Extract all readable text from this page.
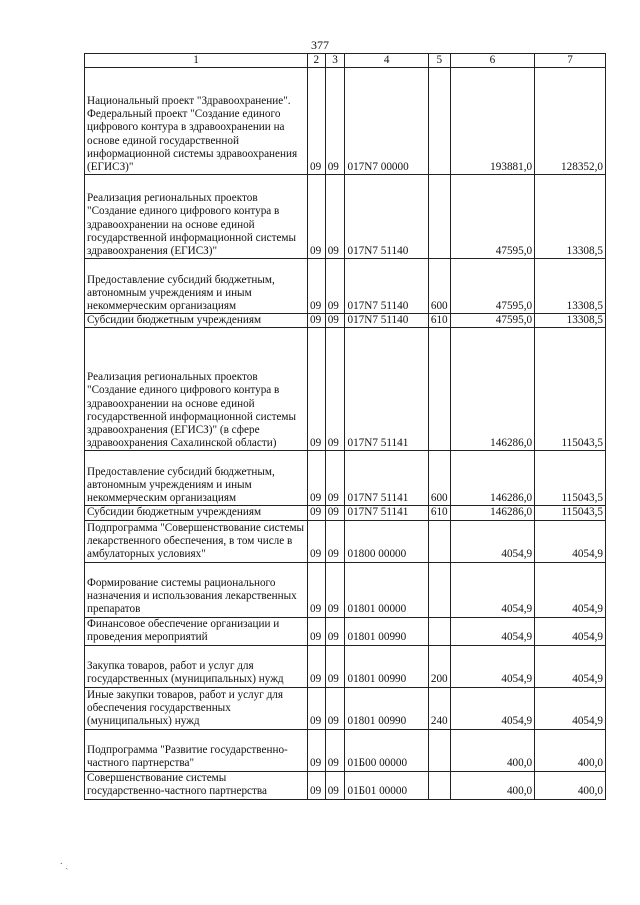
377
1	2	3	4	5	6	7
Национальный проект "Здравоохранение". Федеральный проект "Создание единого цифрового контура в здравоохранении на основе единой государственной информационной системы здравоохранения (ЕГИСЗ)"	09	09	017N7 00000		193881,0	128352,0
Реализация региональных проектов "Создание единого цифрового контура в здравоохранении на основе единой государственной информационной системы здравоохранения (ЕГИСЗ)"	09	09	017N7 51140		47595,0	13308,5
Предоставление субсидий бюджетным, автономным учреждениям и иным некоммерческим организациям	09	09	017N7 51140	600	47595,0	13308,5
Субсидии бюджетным учреждениям	09	09	017N7 51140	610	47595,0	13308,5
Реализация региональных проектов "Создание единого цифрового контура в здравоохранении на основе единой государственной информационной системы здравоохранения (ЕГИСЗ)" (в сфере здравоохранения Сахалинской области)	09	09	017N7 51141		146286,0	115043,5
Предоставление субсидий бюджетным, автономным учреждениям и иным некоммерческим организациям	09	09	017N7 51141	600	146286,0	115043,5
Субсидии бюджетным учреждениям	09	09	017N7 51141	610	146286,0	115043,5
Подпрограмма "Совершенствование системы лекарственного обеспечения, в том числе в амбулаторных условиях"	09	09	01800 00000		4054,9	4054,9
Формирование системы рационального назначения и использования лекарственных препаратов	09	09	01801 00000		4054,9	4054,9
Финансовое обеспечение организации и проведения мероприятий	09	09	01801 00990		4054,9	4054,9
Закупка товаров, работ и услуг для государственных (муниципальных) нужд	09	09	01801 00990	200	4054,9	4054,9
Иные закупки товаров, работ и услуг для обеспечения государственных (муниципальных) нужд	09	09	01801 00990	240	4054,9	4054,9
Подпрограмма "Развитие государственно-частного партнерства"	09	09	01Б00 00000		400,0	400,0
Совершенствование системы государственно-частного партнерства	09	09	01Б01 00000		400,0	400,0
⸱ ˏ
